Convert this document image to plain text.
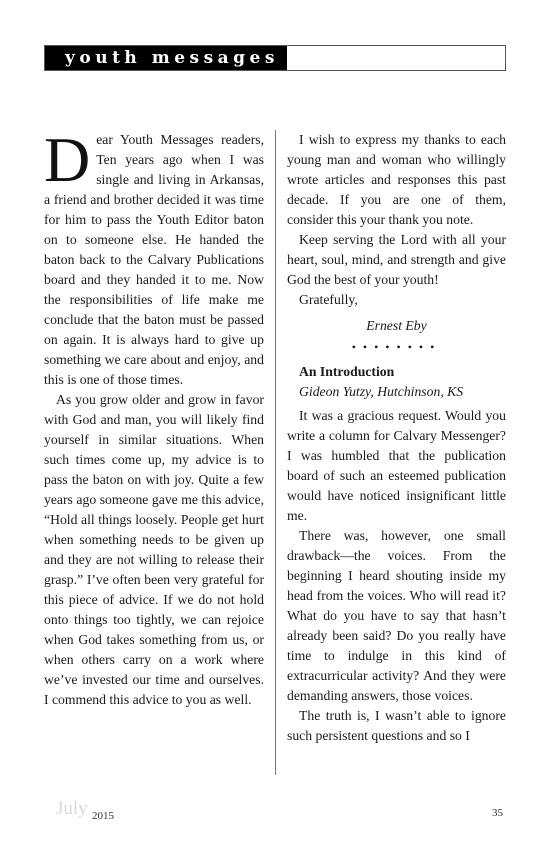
youth messages

Dear Youth Messages readers, Ten years ago when I was single and living in Arkansas, a friend and brother decided it was time for him to pass the Youth Editor baton on to someone else. He handed the baton back to the Calvary Publications board and they handed it to me. Now the responsibilities of life make me conclude that the baton must be passed on again. It is always hard to give up something we care about and enjoy, and this is one of those times.

As you grow older and grow in favor with God and man, you will likely find yourself in similar situations. When such times come up, my advice is to pass the baton on with joy. Quite a few years ago someone gave me this advice, “Hold all things loosely. People get hurt when something needs to be given up and they are not willing to release their grasp.” I’ve often been very grateful for this piece of advice. If we do not hold onto things too tightly, we can rejoice when God takes something from us, or when others carry on a work where we’ve invested our time and ourselves. I commend this advice to you as well.

I wish to express my thanks to each young man and woman who willingly wrote articles and responses this past decade. If you are one of them, consider this your thank you note.

Keep serving the Lord with all your heart, soul, mind, and strength and give God the best of your youth!

Gratefully,

Ernest Eby
••••••••
An Introduction
Gideon Yutzy, Hutchinson, KS

It was a gracious request. Would you write a column for Calvary Messenger? I was humbled that the publication board of such an esteemed publication would have noticed insignificant little me.

There was, however, one small drawback—the voices. From the beginning I heard shouting inside my head from the voices. Who will read it? What do you have to say that hasn’t already been said? Do you really have time to indulge in this kind of extracurricular activity? And they were demanding answers, those voices.

The truth is, I wasn’t able to ignore such persistent questions and so I

July 2015	35
